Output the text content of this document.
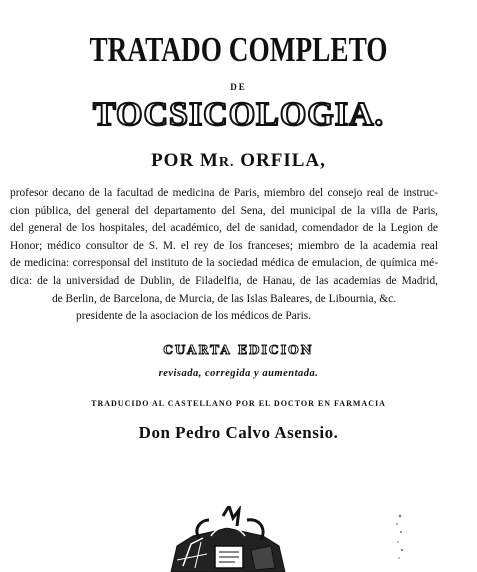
TRATADO COMPLETO
DE
TOCSICOLOGIA.
POR MR. ORFILA,
profesor decano de la facultad de medicina de Paris, miembro del consejo real de instruc-
cion pública, del general del departamento del Sena, del municipal de la villa de Paris,
del general de los hospitales, del académico, del de sanidad, comendador de la Legion de
Honor; médico consultor de S. M. el rey de los franceses; miembro de la academia real
de medicina: corresponsal del instituto de la sociedad médica de emulacion, de química mé-
dica: de la universidad de Dublin, de Filadelfia, de Hanau, de las academias de Madrid,
de Berlin, de Barcelona, de Murcia, de las Islas Baleares, de Libournia, &c.
presidente de la asociacion de los médicos de Paris.
CUARTA EDICION
revisada, corregida y aumentada.
TRADUCIDO AL CASTELLANO POR EL DOCTOR EN FARMACIA
Don Pedro Calvo Asensio.
